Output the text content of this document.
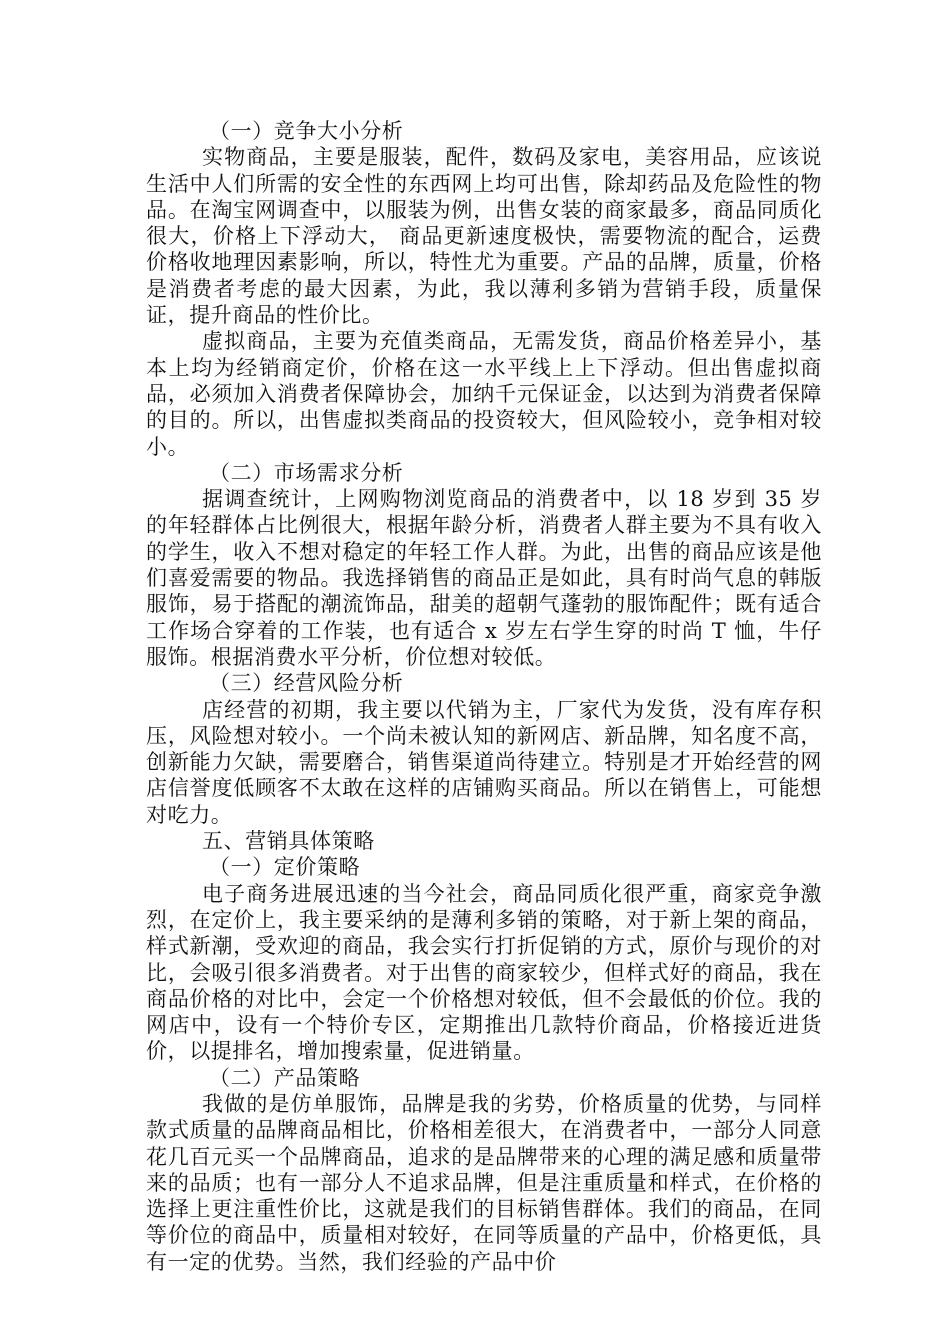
（一）竞争大小分析

实物商品，主要是服装，配件，数码及家电，美容用品，应该说生活中人们所需的安全性的东西网上均可出售，除却药品及危险性的物品。在淘宝网调查中，以服装为例，出售女装的商家最多，商品同质化很大，价格上下浮动大， 商品更新速度极快，需要物流的配合，运费价格收地理因素影响，所以，特性尤为重要。产品的品牌，质量，价格是消费者考虑的最大因素，为此，我以薄利多销为营销手段，质量保证，提升商品的性价比。

虚拟商品，主要为充值类商品，无需发货，商品价格差异小，基本上均为经销商定价，价格在这一水平线上上下浮动。但出售虚拟商品，必须加入消费者保障协会，加纳千元保证金，以达到为消费者保障的目的。所以，出售虚拟类商品的投资较大，但风险较小，竞争相对较小。

（二）市场需求分析

据调查统计，上网购物浏览商品的消费者中，以 18 岁到 35 岁的年轻群体占比例很大，根据年龄分析，消费者人群主要为不具有收入的学生，收入不想对稳定的年轻工作人群。为此，出售的商品应该是他们喜爱需要的物品。我选择销售的商品正是如此，具有时尚气息的韩版服饰，易于搭配的潮流饰品，甜美的超朝气蓬勃的服饰配件；既有适合工作场合穿着的工作装，也有适合 x 岁左右学生穿的时尚 T 恤，牛仔服饰。根据消费水平分析，价位想对较低。

（三）经营风险分析

店经营的初期，我主要以代销为主，厂家代为发货，没有库存积压，风险想对较小。一个尚未被认知的新网店、新品牌，知名度不高，创新能力欠缺，需要磨合，销售渠道尚待建立。特别是才开始经营的网店信誉度低顾客不太敢在这样的店铺购买商品。所以在销售上，可能想对吃力。

五、营销具体策略

（一）定价策略

电子商务进展迅速的当今社会，商品同质化很严重，商家竞争激烈，在定价上，我主要采纳的是薄利多销的策略，对于新上架的商品，样式新潮，受欢迎的商品，我会实行打折促销的方式，原价与现价的对比，会吸引很多消费者。对于出售的商家较少，但样式好的商品，我在商品价格的对比中，会定一个价格想对较低，但不会最低的价位。我的网店中，设有一个特价专区，定期推出几款特价商品，价格接近进货价，以提排名，增加搜索量，促进销量。

（二）产品策略

我做的是仿单服饰，品牌是我的劣势，价格质量的优势，与同样款式质量的品牌商品相比，价格相差很大，在消费者中，一部分人同意花几百元买一个品牌商品，追求的是品牌带来的心理的满足感和质量带来的品质；也有一部分人不追求品牌，但是注重质量和样式，在价格的选择上更注重性价比，这就是我们的目标销售群体。我们的商品，在同等价位的商品中，质量相对较好，在同等质量的产品中，价格更低，具有一定的优势。当然，我们经验的产品中价
